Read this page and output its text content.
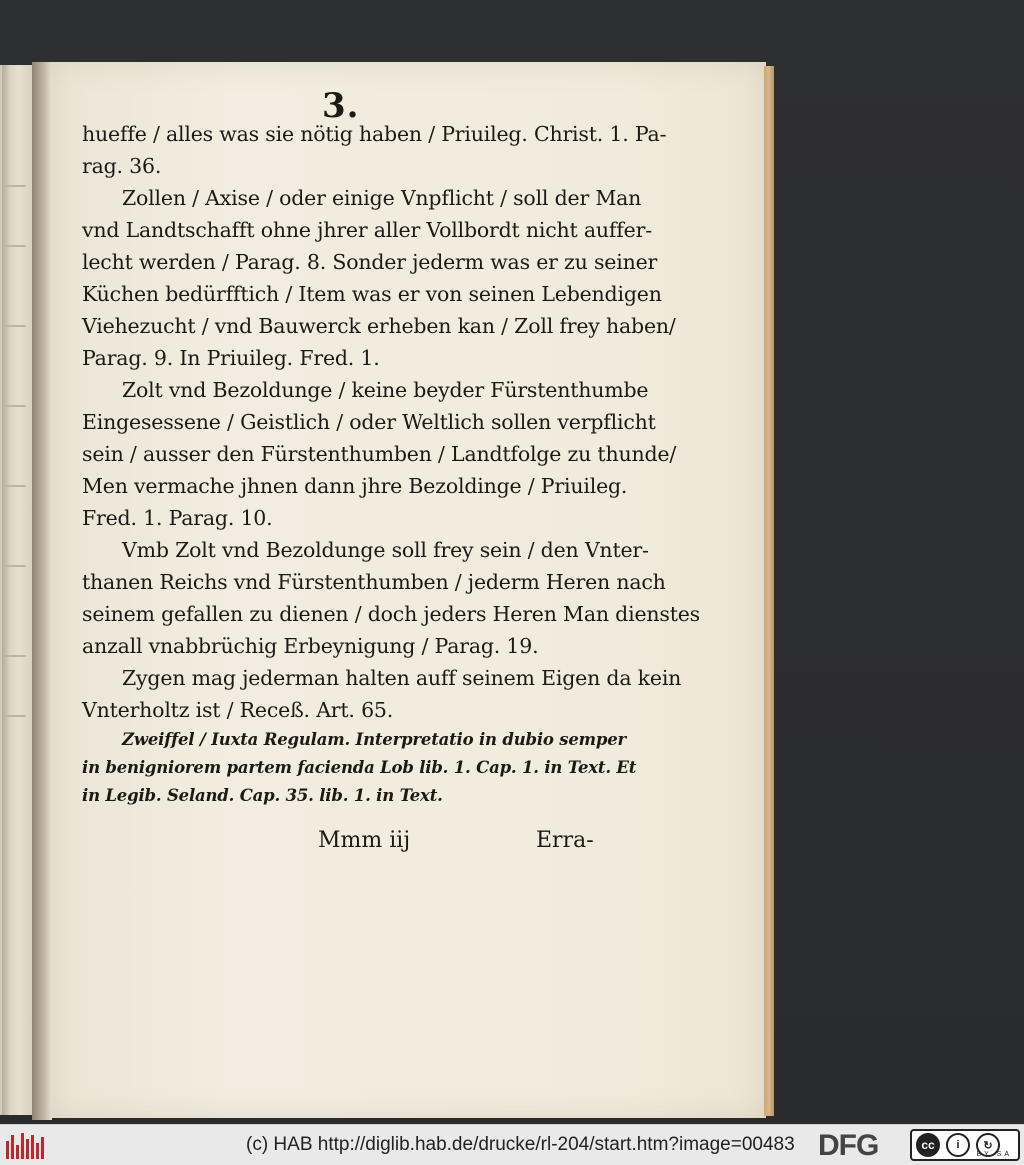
3.
hueffe / alles was sie nötig haben / Priuileg. Christ. 1. Pa-
rag. 36.
Zollen / Axise / oder einige Vnpflicht / soll der Man
vnd Landtschafft ohne jhrer aller Vollbordt nicht auffer-
lecht werden / Parag. 8. Sonder jederm was er zu seiner
Küchen bedürfftich / Item was er von seinen Lebendigen
Viehezucht / vnd Bauwerck erheben kan / Zoll frey haben/
Parag. 9. In Priuileg. Fred. 1.
Zolt vnd Bezoldunge / keine beyder Fürstenthumbe
Eingesessene / Geistlich / oder Weltlich sollen verpflicht
sein / ausser den Fürstenthumben / Landtfolge zu thunde/
Men vermache jhnen dann jhre Bezoldinge / Priuileg.
Fred. 1. Parag. 10.
Vmb Zolt vnd Bezoldunge soll frey sein / den Vnter-
thanen Reichs vnd Fürstenthumben / jederm Heren nach
seinem gefallen zu dienen / doch jeders Heren Man dienstes
anzall vnabbrüchig Erbeynigung / Parag. 19.
Zygen mag jederman halten auff seinem Eigen da kein
Vnterholtz ist / Receß. Art. 65.
Zweiffel / Iuxta Regulam. Interpretatio in dubio semper
in benigniorem partem facienda Lob lib. 1. Cap. 1. in Text. Et
in Legib. Seland. Cap. 35. lib. 1. in Text.
Mmm iij	Erra-
(c) HAB http://diglib.hab.de/drucke/rl-204/start.htm?image=00483 DFG	cc	i	↻
BY SA
